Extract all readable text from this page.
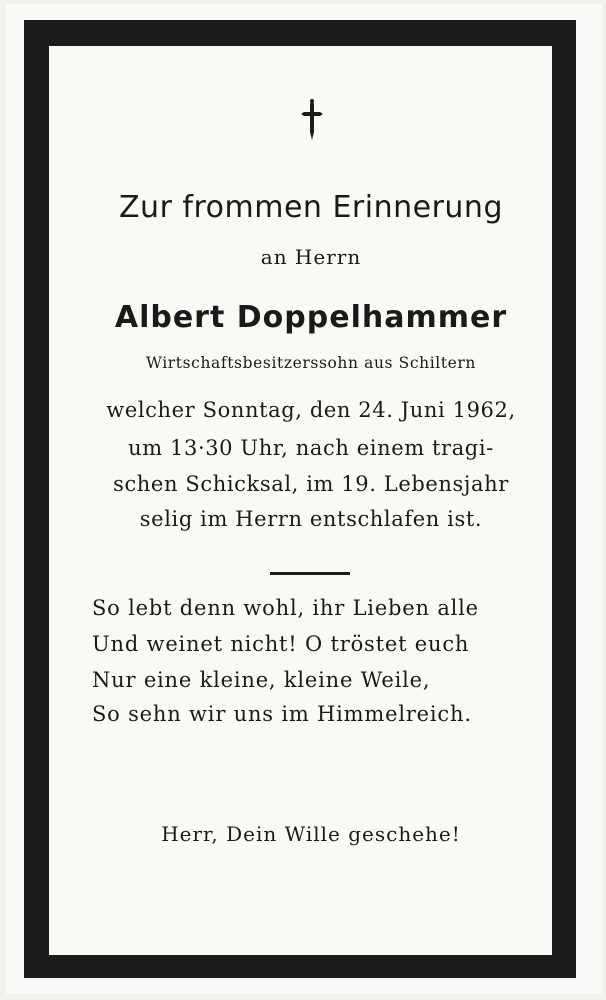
Zur frommen Erinnerung
an Herrn
Albert Doppelhammer
Wirtschaftsbesitzerssohn aus Schiltern
welcher Sonntag, den 24. Juni 1962,
um 13·30 Uhr, nach einem tragi-
schen Schicksal, im 19. Lebensjahr
selig im Herrn entschlafen ist.
So lebt denn wohl, ihr Lieben alle
Und weinet nicht! O tröstet euch
Nur eine kleine, kleine Weile,
So sehn wir uns im Himmelreich.
Herr, Dein Wille geschehe!
